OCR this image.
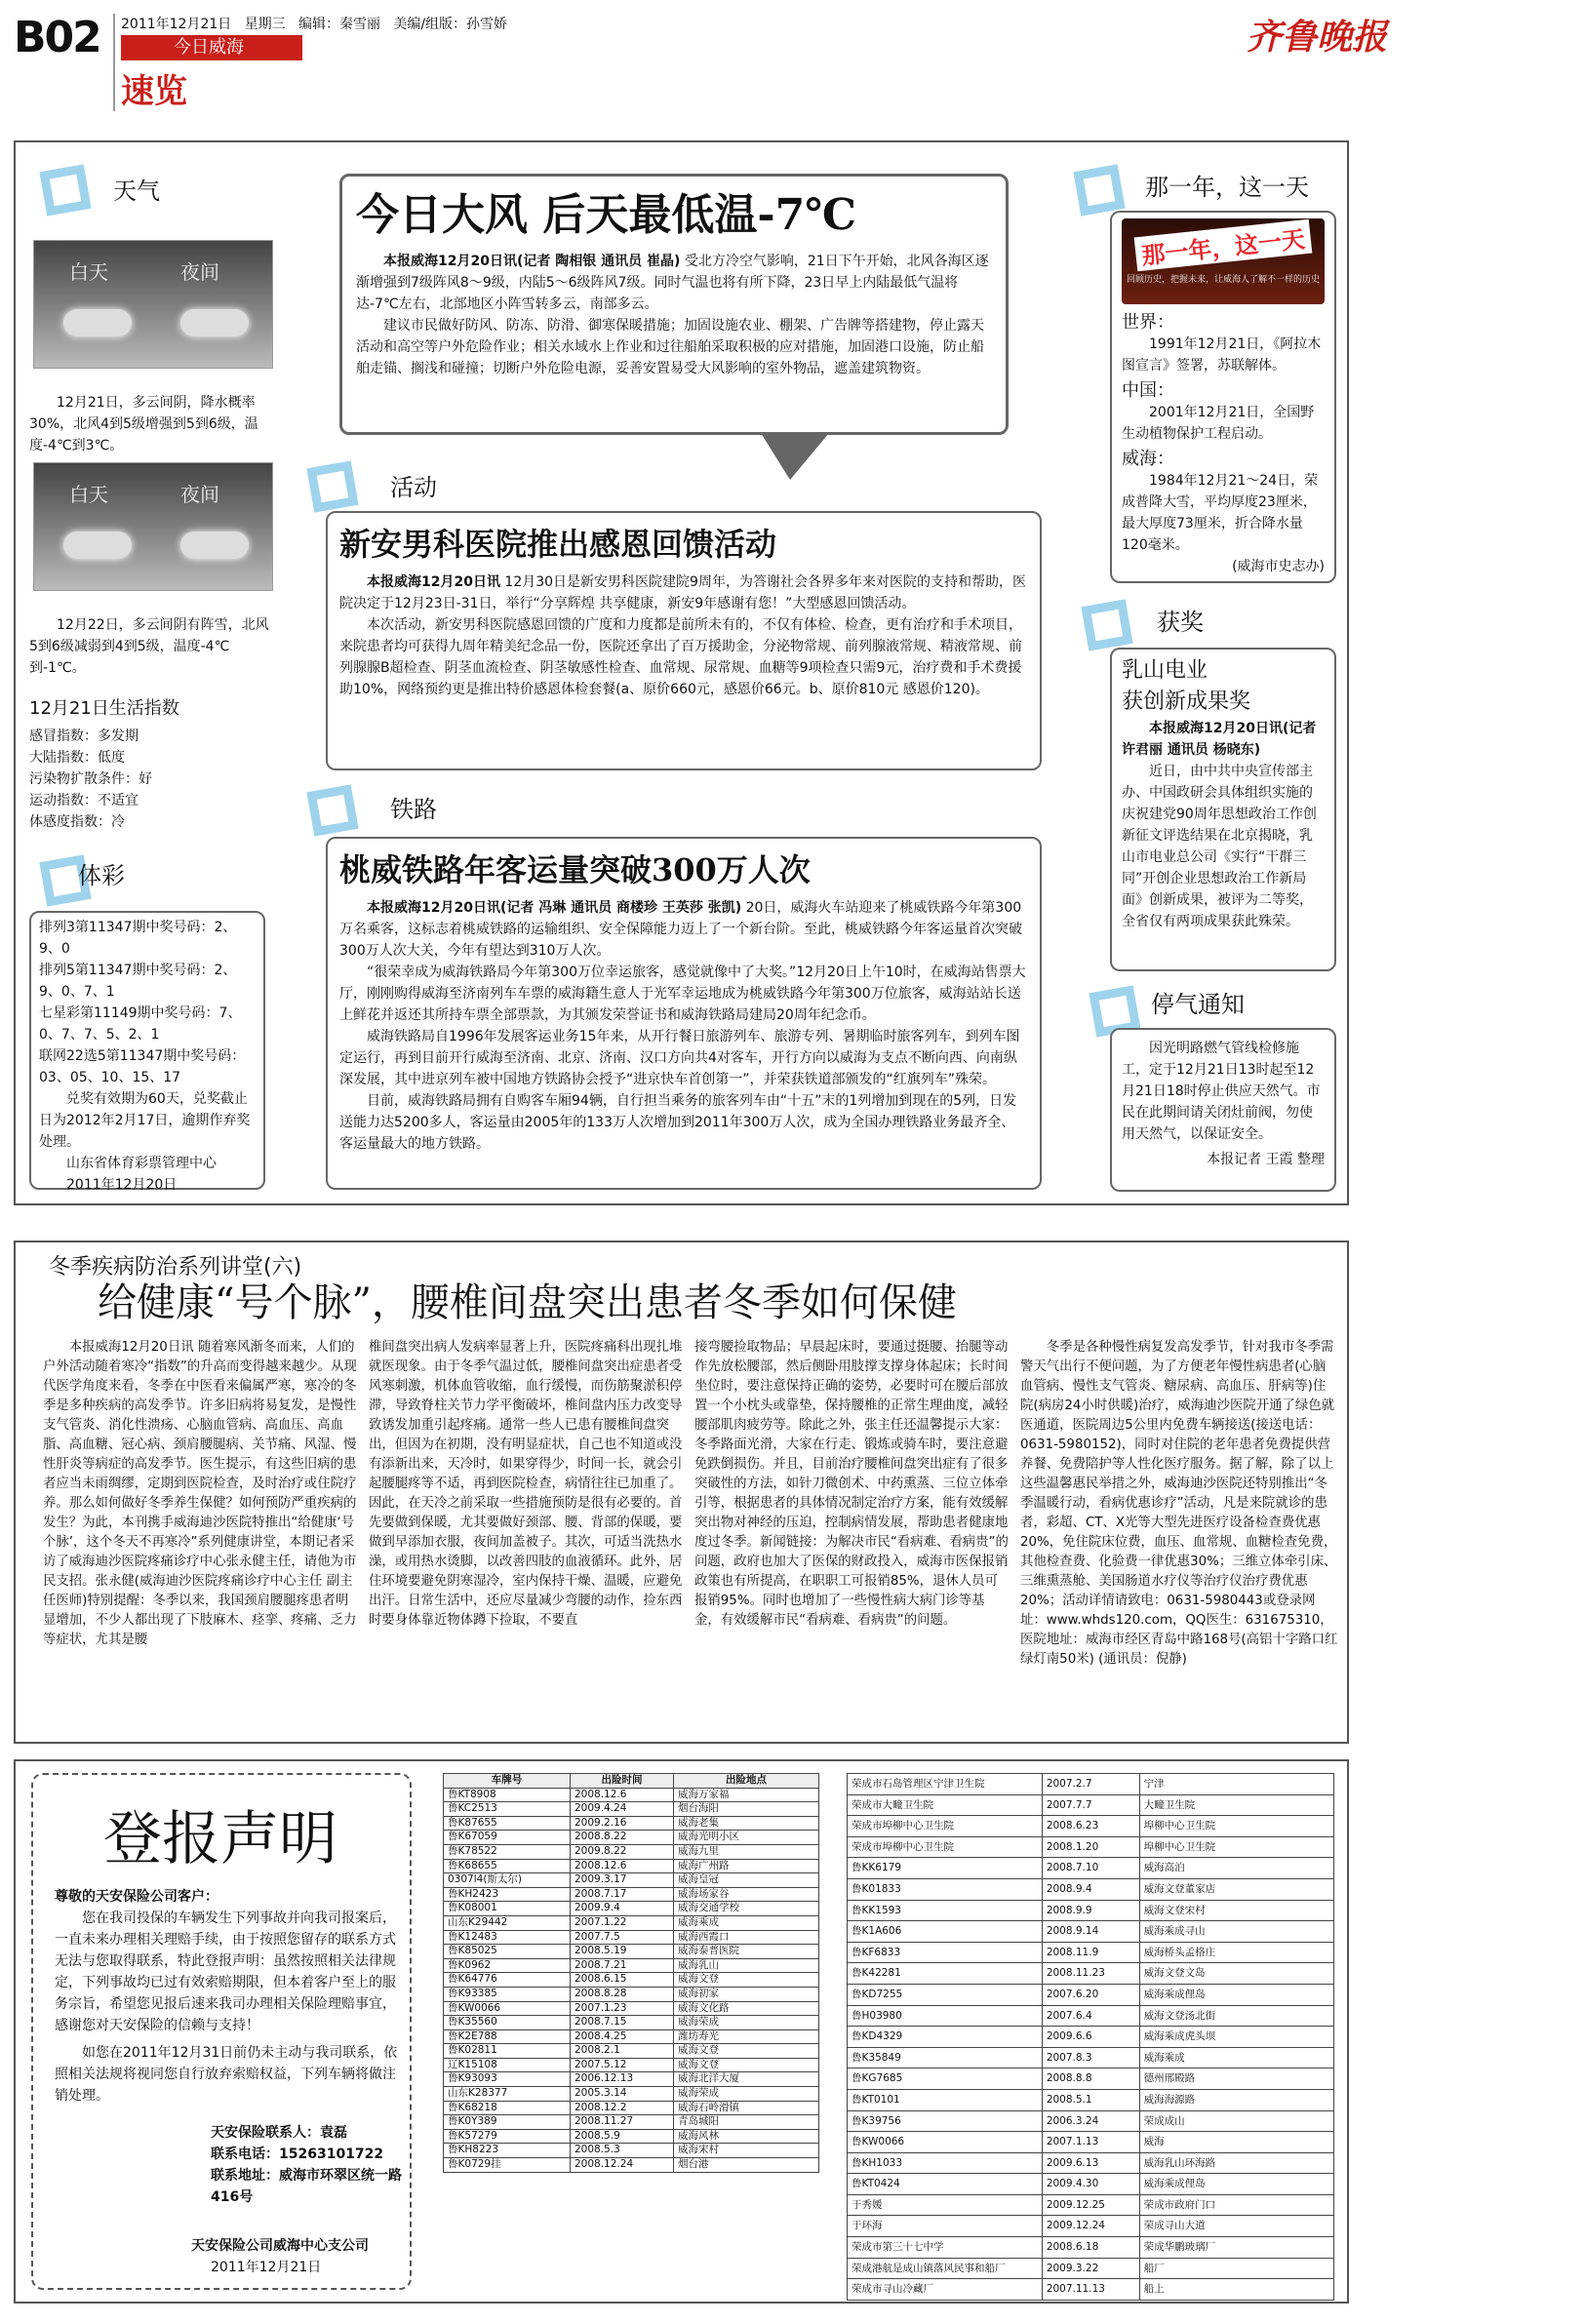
B02 2011年12月21日 星期三 编辑：秦雪丽 美编/组版：孙雪娇
今日威海
速览
齐鲁晚报
天气
白天	夜间
12月21日，多云间阴，降水概率30%，北风4到5级增强到5到6级，温度-4℃到3℃。
白天	夜间
12月22日，多云间阴有阵雪，北风5到6级减弱到4到5级，温度-4℃到-1℃。
12月21日生活指数
感冒指数：多发期
大陆指数：低度
污染物扩散条件：好
运动指数：不适宜
体感度指数：冷
体彩
排列3第11347期中奖号码：2、9、0
排列5第11347期中奖号码：2、9、0、7、1
七星彩第11149期中奖号码：7、0、7、7、5、2、1
联网22选5第11347期中奖号码：03、05、10、15、17
兑奖有效期为60天，兑奖截止日为2012年2月17日，逾期作弃奖处理。
山东省体育彩票管理中心
2011年12月20日
今日大风 后天最低温-7℃
本报威海12月20日讯(记者 陶相银 通讯员 崔晶) 受北方冷空气影响，21日下午开始，北风各海区逐渐增强到7级阵风8～9级，内陆5～6级阵风7级。同时气温也将有所下降，23日早上内陆最低气温将达-7℃左右，北部地区小阵雪转多云，南部多云。
建议市民做好防风、防冻、防滑、御寒保暖措施；加固设施农业、棚架、广告牌等搭建物，停止露天活动和高空等户外危险作业；相关水域水上作业和过往船舶采取积极的应对措施，加固港口设施，防止船舶走锚、搁浅和碰撞；切断户外危险电源，妥善安置易受大风影响的室外物品，遮盖建筑物资。
活动
新安男科医院推出感恩回馈活动
本报威海12月20日讯 12月30日是新安男科医院建院9周年，为答谢社会各界多年来对医院的支持和帮助，医院决定于12月23日-31日，举行“分享辉煌 共享健康，新安9年感谢有您！”大型感恩回馈活动。
本次活动，新安男科医院感恩回馈的广度和力度都是前所未有的，不仅有体检、检查，更有治疗和手术项目，来院患者均可获得九周年精美纪念品一份，医院还拿出了百万援助金，分泌物常规、前列腺液常规、精液常规、前列腺腺B超检查、阴茎血流检查、阴茎敏感性检查、血常规、尿常规、血糖等9项检查只需9元，治疗费和手术费援助10%，网络预约更是推出特价感恩体检套餐(a、原价660元，感恩价66元。b、原价810元 感恩价120)。
铁路
桃威铁路年客运量突破300万人次
本报威海12月20日讯(记者 冯琳 通讯员 商楼珍 王英莎 张凯) 20日，威海火车站迎来了桃威铁路今年第300万名乘客，这标志着桃威铁路的运输组织、安全保障能力迈上了一个新台阶。至此，桃威铁路今年客运量首次突破300万人次大关，今年有望达到310万人次。
“很荣幸成为威海铁路局今年第300万位幸运旅客，感觉就像中了大奖。”12月20日上午10时，在威海站售票大厅，刚刚购得威海至济南列车车票的威海籍生意人于光军幸运地成为桃威铁路今年第300万位旅客，威海站站长送上鲜花并返还其所持车票全部票款，为其颁发荣誉证书和威海铁路局建局20周年纪念币。
威海铁路局自1996年发展客运业务15年来，从开行餐日旅游列车、旅游专列、暑期临时旅客列车，到列车图定运行，再到目前开行威海至济南、北京、济南、汉口方向共4对客车，开行方向以威海为支点不断向西、向南纵深发展，其中进京列车被中国地方铁路协会授予“进京快车首创第一”，并荣获铁道部颁发的“红旗列车”殊荣。
目前，威海铁路局拥有自购客车厢94辆，自行担当乘务的旅客列车由“十五”末的1列增加到现在的5列，日发送能力达5200多人，客运量由2005年的133万人次增加到2011年300万人次，成为全国办理铁路业务最齐全、客运量最大的地方铁路。
那一年，这一天
那一年，这一天
回顾历史，把握未来，让威海人了解不一样的历史
世界：
1991年12月21日，《阿拉木图宣言》签署，苏联解体。
中国：
2001年12月21日，全国野生动植物保护工程启动。
威海：
1984年12月21～24日，荣成普降大雪，平均厚度23厘米，最大厚度73厘米，折合降水量120毫米。
(威海市史志办)
获奖
乳山电业
获创新成果奖
本报威海12月20日讯(记者 许君丽 通讯员 杨晓东)
近日，由中共中央宣传部主办、中国政研会具体组织实施的庆祝建党90周年思想政治工作创新征文评选结果在北京揭晓，乳山市电业总公司《实行“干群三同”开创企业思想政治工作新局面》创新成果，被评为二等奖，全省仅有两项成果获此殊荣。
停气通知
因光明路燃气管线检修施工，定于12月21日13时起至12月21日18时停止供应天然气。市民在此期间请关闭灶前阀，勿使用天然气，以保证安全。
本报记者 王霞 整理
冬季疾病防治系列讲堂(六)
给健康“号个脉”，腰椎间盘突出患者冬季如何保健
本报威海12月20日讯 随着寒风渐冬而来，人们的户外活动随着寒冷“指数”的升高而变得越来越少。从现代医学角度来看，冬季在中医看来偏属严寒，寒冷的冬季是多种疾病的高发季节。许多旧病将易复发，是慢性支气管炎、消化性溃疡、心脑血管病、高血压、高血脂、高血糖、冠心病、颈肩腰腿病、关节痛、风湿、慢性肝炎等病症的高发季节。医生提示，有这些旧病的患者应当未雨绸缪，定期到医院检查，及时治疗或住院疗养。那么如何做好冬季养生保健？如何预防严重疾病的发生？为此，本刊携手威海迪沙医院特推出“给健康‘号个脉’，这个冬天不再寒冷”系列健康讲堂，本期记者采访了威海迪沙医院疼痛诊疗中心张永健主任，请他为市民支招。张永健(威海迪沙医院疼痛诊疗中心主任 副主任医师)特别提醒：冬季以来，我国颈肩腰腿疼患者明显增加，不少人都出现了下肢麻木、痉挛、疼痛、乏力等症状，尤其是腰
椎间盘突出病人发病率显著上升，医院疼痛科出现扎堆就医现象。由于冬季气温过低，腰椎间盘突出症患者受风寒刺激，机体血管收缩，血行缓慢，而伤筋聚淤积停滞，导致脊柱关节力学平衡破坏，椎间盘内压力改变导致诱发加重引起疼痛。通常一些人已患有腰椎间盘突出，但因为在初期，没有明显症状，自己也不知道或没有添新出来，天冷时，如果穿得少，时间一长，就会引起腰腿疼等不适，再到医院检查，病情往往已加重了。因此，在天冷之前采取一些措施预防是很有必要的。首先要做到保暖，尤其要做好颈部、腰、背部的保暖，要做到早添加衣服，夜间加盖被子。其次，可适当洗热水澡，或用热水烫脚，以改善四肢的血液循环。此外，居住环境要避免阴寒湿冷，室内保持干燥、温暖，应避免出汗。日常生活中，还应尽量减少弯腰的动作，捡东西时要身体靠近物体蹲下捡取，不要直
接弯腰捡取物品；早晨起床时，要通过挺腰、抬腿等动作先放松腰部，然后侧卧用肢撑支撑身体起床；长时间坐位时，要注意保持正确的姿势，必要时可在腰后部放置一个小枕头或靠垫，保持腰椎的正常生理曲度，减轻腰部肌肉疲劳等。除此之外，张主任还温馨提示大家：冬季路面光滑，大家在行走、锻炼或骑车时，要注意避免跌倒损伤。并且，目前治疗腰椎间盘突出症有了很多突破性的方法，如针刀微创术、中药熏蒸、三位立体牵引等，根据患者的具体情况制定治疗方案，能有效缓解突出物对神经的压迫，控制病情发展，帮助患者健康地度过冬季。新闻链接：为解决市民“看病难、看病贵”的问题，政府也加大了医保的财政投入，威海市医保报销政策也有所提高，在职职工可报销85%，退休人员可报销95%。同时也增加了一些慢性病大病门诊等基金，有效缓解市民“看病难、看病贵”的问题。
冬季是各种慢性病复发高发季节，针对我市冬季需警天气出行不便问题，为了方便老年慢性病患者(心脑血管病、慢性支气管炎、糖尿病、高血压、肝病等)住院(病房24小时供暖)治疗，威海迪沙医院开通了绿色就医通道，医院周边5公里内免费车辆接送(接送电话：0631-5980152)，同时对住院的老年患者免费提供营养餐、免费陪护等人性化医疗服务。据了解，除了以上这些温馨惠民举措之外，威海迪沙医院还特别推出“冬季温暖行动，看病优惠诊疗”活动，凡是来院就诊的患者，彩超、CT、X光等大型先进医疗设备检查费优惠20%，免住院床位费，血压、血常规、血糖检查免费，其他检查费、化验费一律优惠30%；三维立体牵引床、三维熏蒸舱、美国肠道水疗仪等治疗仪治疗费优惠20%；活动详情请致电：0631-5980443或登录网址：www.whds120.com，QQ医生：631675310，医院地址：威海市经区青岛中路168号(高铝十字路口红绿灯南50米) (通讯员：倪静)
登报声明
尊敬的天安保险公司客户：
您在我司投保的车辆发生下列事故并向我司报案后，一直未来办理相关理赔手续，由于按照您留存的联系方式无法与您取得联系，特此登报声明：虽然按照相关法律规定，下列事故均已过有效索赔期限，但本着客户至上的服务宗旨，希望您见报后速来我司办理相关保险理赔事宜，感谢您对天安保险的信赖与支持！
如您在2011年12月31日前仍未主动与我司联系，依照相关法规将视同您自行放弃索赔权益，下列车辆将做注销处理。
天安保险联系人：袁磊
联系电话：15263101722
联系地址：威海市环翠区统一路416号
天安保险公司威海中心支公司
2011年12月21日
车牌号	出险时间	出险地点
鲁KT8908	2008.12.6	威海万家福
鲁KC2513	2009.4.24	烟台海阳
鲁K87655	2009.2.16	威海老集
鲁K67059	2008.8.22	威海光明小区
鲁K78522	2009.8.22	威海九里
鲁K68655	2008.12.6	威海广州路
0307l4(斯太尔)	2009.3.17	威海皇冠
鲁KH2423	2008.7.17	威海场家谷
鲁K08001	2009.9.4	威海交通学校
山东K29442	2007.1.22	威海乘成
鲁K12483	2007.7.5	威海西霞口
鲁K85025	2008.5.19	威海泰普医院
鲁K0962	2008.7.21	威海乳山
鲁K64776	2008.6.15	威海文登
鲁K93385	2008.8.28	威海初家
鲁KW0066	2007.1.23	威海文化路
鲁K35560	2008.7.15	威海荣成
鲁K2E788	2008.4.25	潍坊寿光
鲁K02811	2008.2.1	威海文登
辽K15108	2007.5.12	威海文登
鲁K93093	2006.12.13	威海北洋大厦
山东K28377	2005.3.14	威海荣成
鲁K68218	2008.12.2	威海石岭滑镇
鲁K0Y389	2008.11.27	青岛城阳
鲁K57279	2008.5.9	威海风林
鲁KH8223	2008.5.3	威海宋村
鲁K0729挂	2008.12.24	烟台港
荣成市石岛管理区宁津卫生院	2007.2.7	宁津
荣成市大疃卫生院	2007.7.7	大疃卫生院
荣成市埠柳中心卫生院	2008.6.23	埠柳中心卫生院
荣成市埠柳中心卫生院	2008.1.20	埠柳中心卫生院
鲁KK6179	2008.7.10	威海高泊
鲁K01833	2008.9.4	威海文登董家店
鲁KK1593	2008.9.9	威海文登宋村
鲁K1A606	2008.9.14	威海乘成寻山
鲁KF6833	2008.11.9	威海桥头孟格庄
鲁K42281	2008.11.23	威海文登文岛
鲁KD7255	2007.6.20	威海乘成俚岛
鲁H03980	2007.6.4	威海文登汤北街
鲁KD4329	2009.6.6	威海乘成虎头坝
鲁K35849	2007.8.3	威海乘成
鲁KG7685	2008.8.8	德州邢殿路
鲁KT0101	2008.5.1	威海海源路
鲁K39756	2006.3.24	荣成成山
鲁KW0066	2007.1.13	威海
鲁KH1033	2009.6.13	威海乳山环海路
鲁KT0424	2009.4.30	威海乘成俚岛
于秀媛	2009.12.25	荣成市政府门口
于环海	2009.12.24	荣成寻山大道
荣成市第三十七中学	2008.6.18	荣成华鹏玻璃厂
荣成港航是成山镇落风民事和船厂	2009.3.22	船厂
荣成市寻山冷藏厂	2007.11.13	船上
